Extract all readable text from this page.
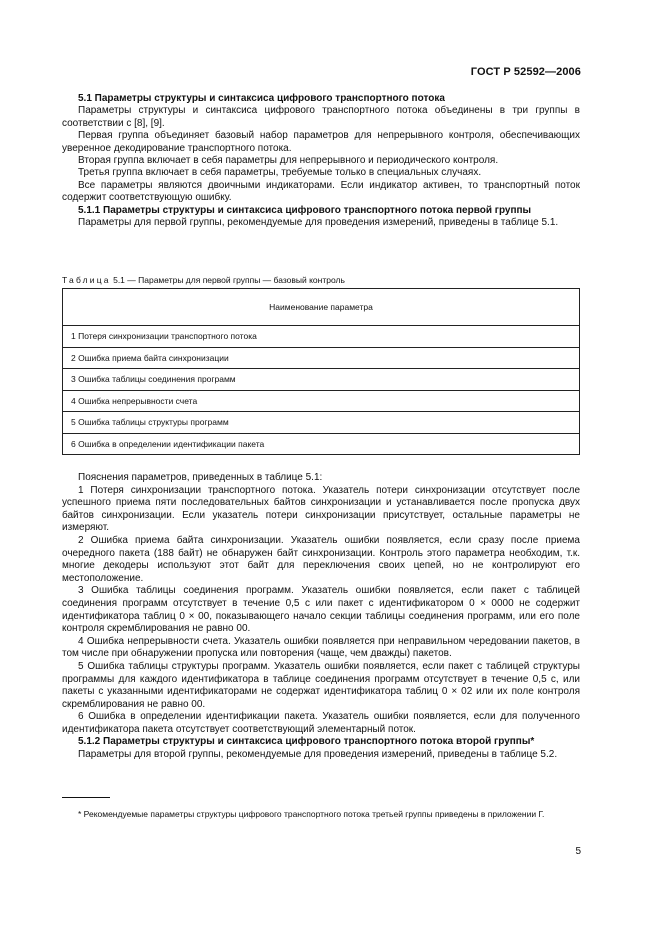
ГОСТ Р 52592—2006

5.1 Параметры структуры и синтаксиса цифрового транспортного потока

Параметры структуры и синтаксиса цифрового транспортного потока объединены в три группы в соответствии с [8], [9].

Первая группа объединяет базовый набор параметров для непрерывного контроля, обеспечивающих уверенное декодирование транспортного потока.

Вторая группа включает в себя параметры для непрерывного и периодического контроля.

Третья группа включает в себя параметры, требуемые только в специальных случаях.

Все параметры являются двоичными индикаторами. Если индикатор активен, то транспортный поток содержит соответствующую ошибку.

5.1.1 Параметры структуры и синтаксиса цифрового транспортного потока первой группы

Параметры для первой группы, рекомендуемые для проведения измерений, приведены в таблице 5.1.

Таблица 5.1 — Параметры для первой группы — базовый контроль
Наименование параметра
1 Потеря синхронизации транспортного потока
2 Ошибка приема байта синхронизации
3 Ошибка таблицы соединения программ
4 Ошибка непрерывности счета
5 Ошибка таблицы структуры программ
6 Ошибка в определении идентификации пакета

Пояснения параметров, приведенных в таблице 5.1:

1 Потеря синхронизации транспортного потока. Указатель потери синхронизации отсутствует после успешного приема пяти последовательных байтов синхронизации и устанавливается после пропуска двух байтов синхронизации. Если указатель потери синхронизации присутствует, остальные параметры не измеряют.

2 Ошибка приема байта синхронизации. Указатель ошибки появляется, если сразу после приема очередного пакета (188 байт) не обнаружен байт синхронизации. Контроль этого параметра необходим, т.к. многие декодеры используют этот байт для переключения своих цепей, но не контролируют его местоположение.

3 Ошибка таблицы соединения программ. Указатель ошибки появляется, если пакет с таблицей соединения программ отсутствует в течение 0,5 с или пакет с идентификатором 0 × 0000 не содержит идентификатора таблиц 0 × 00, показывающего начало секции таблицы соединения программ, или его поле контроля скремблирования не равно 00.

4 Ошибка непрерывности счета. Указатель ошибки появляется при неправильном чередовании пакетов, в том числе при обнаружении пропуска или повторения (чаще, чем дважды) пакетов.

5 Ошибка таблицы структуры программ. Указатель ошибки появляется, если пакет с таблицей структуры программы для каждого идентификатора в таблице соединения программ отсутствует в течение 0,5 с, или пакеты с указанными идентификаторами не содержат идентификатора таблиц 0 × 02 или их поле контроля скремблирования не равно 00.

6 Ошибка в определении идентификации пакета. Указатель ошибки появляется, если для полученного идентификатора пакета отсутствует соответствующий элементарный поток.

5.1.2 Параметры структуры и синтаксиса цифрового транспортного потока второй группы*

Параметры для второй группы, рекомендуемые для проведения измерений, приведены в таблице 5.2.

* Рекомендуемые параметры структуры цифрового транспортного потока третьей группы приведены в приложении Г.
5
